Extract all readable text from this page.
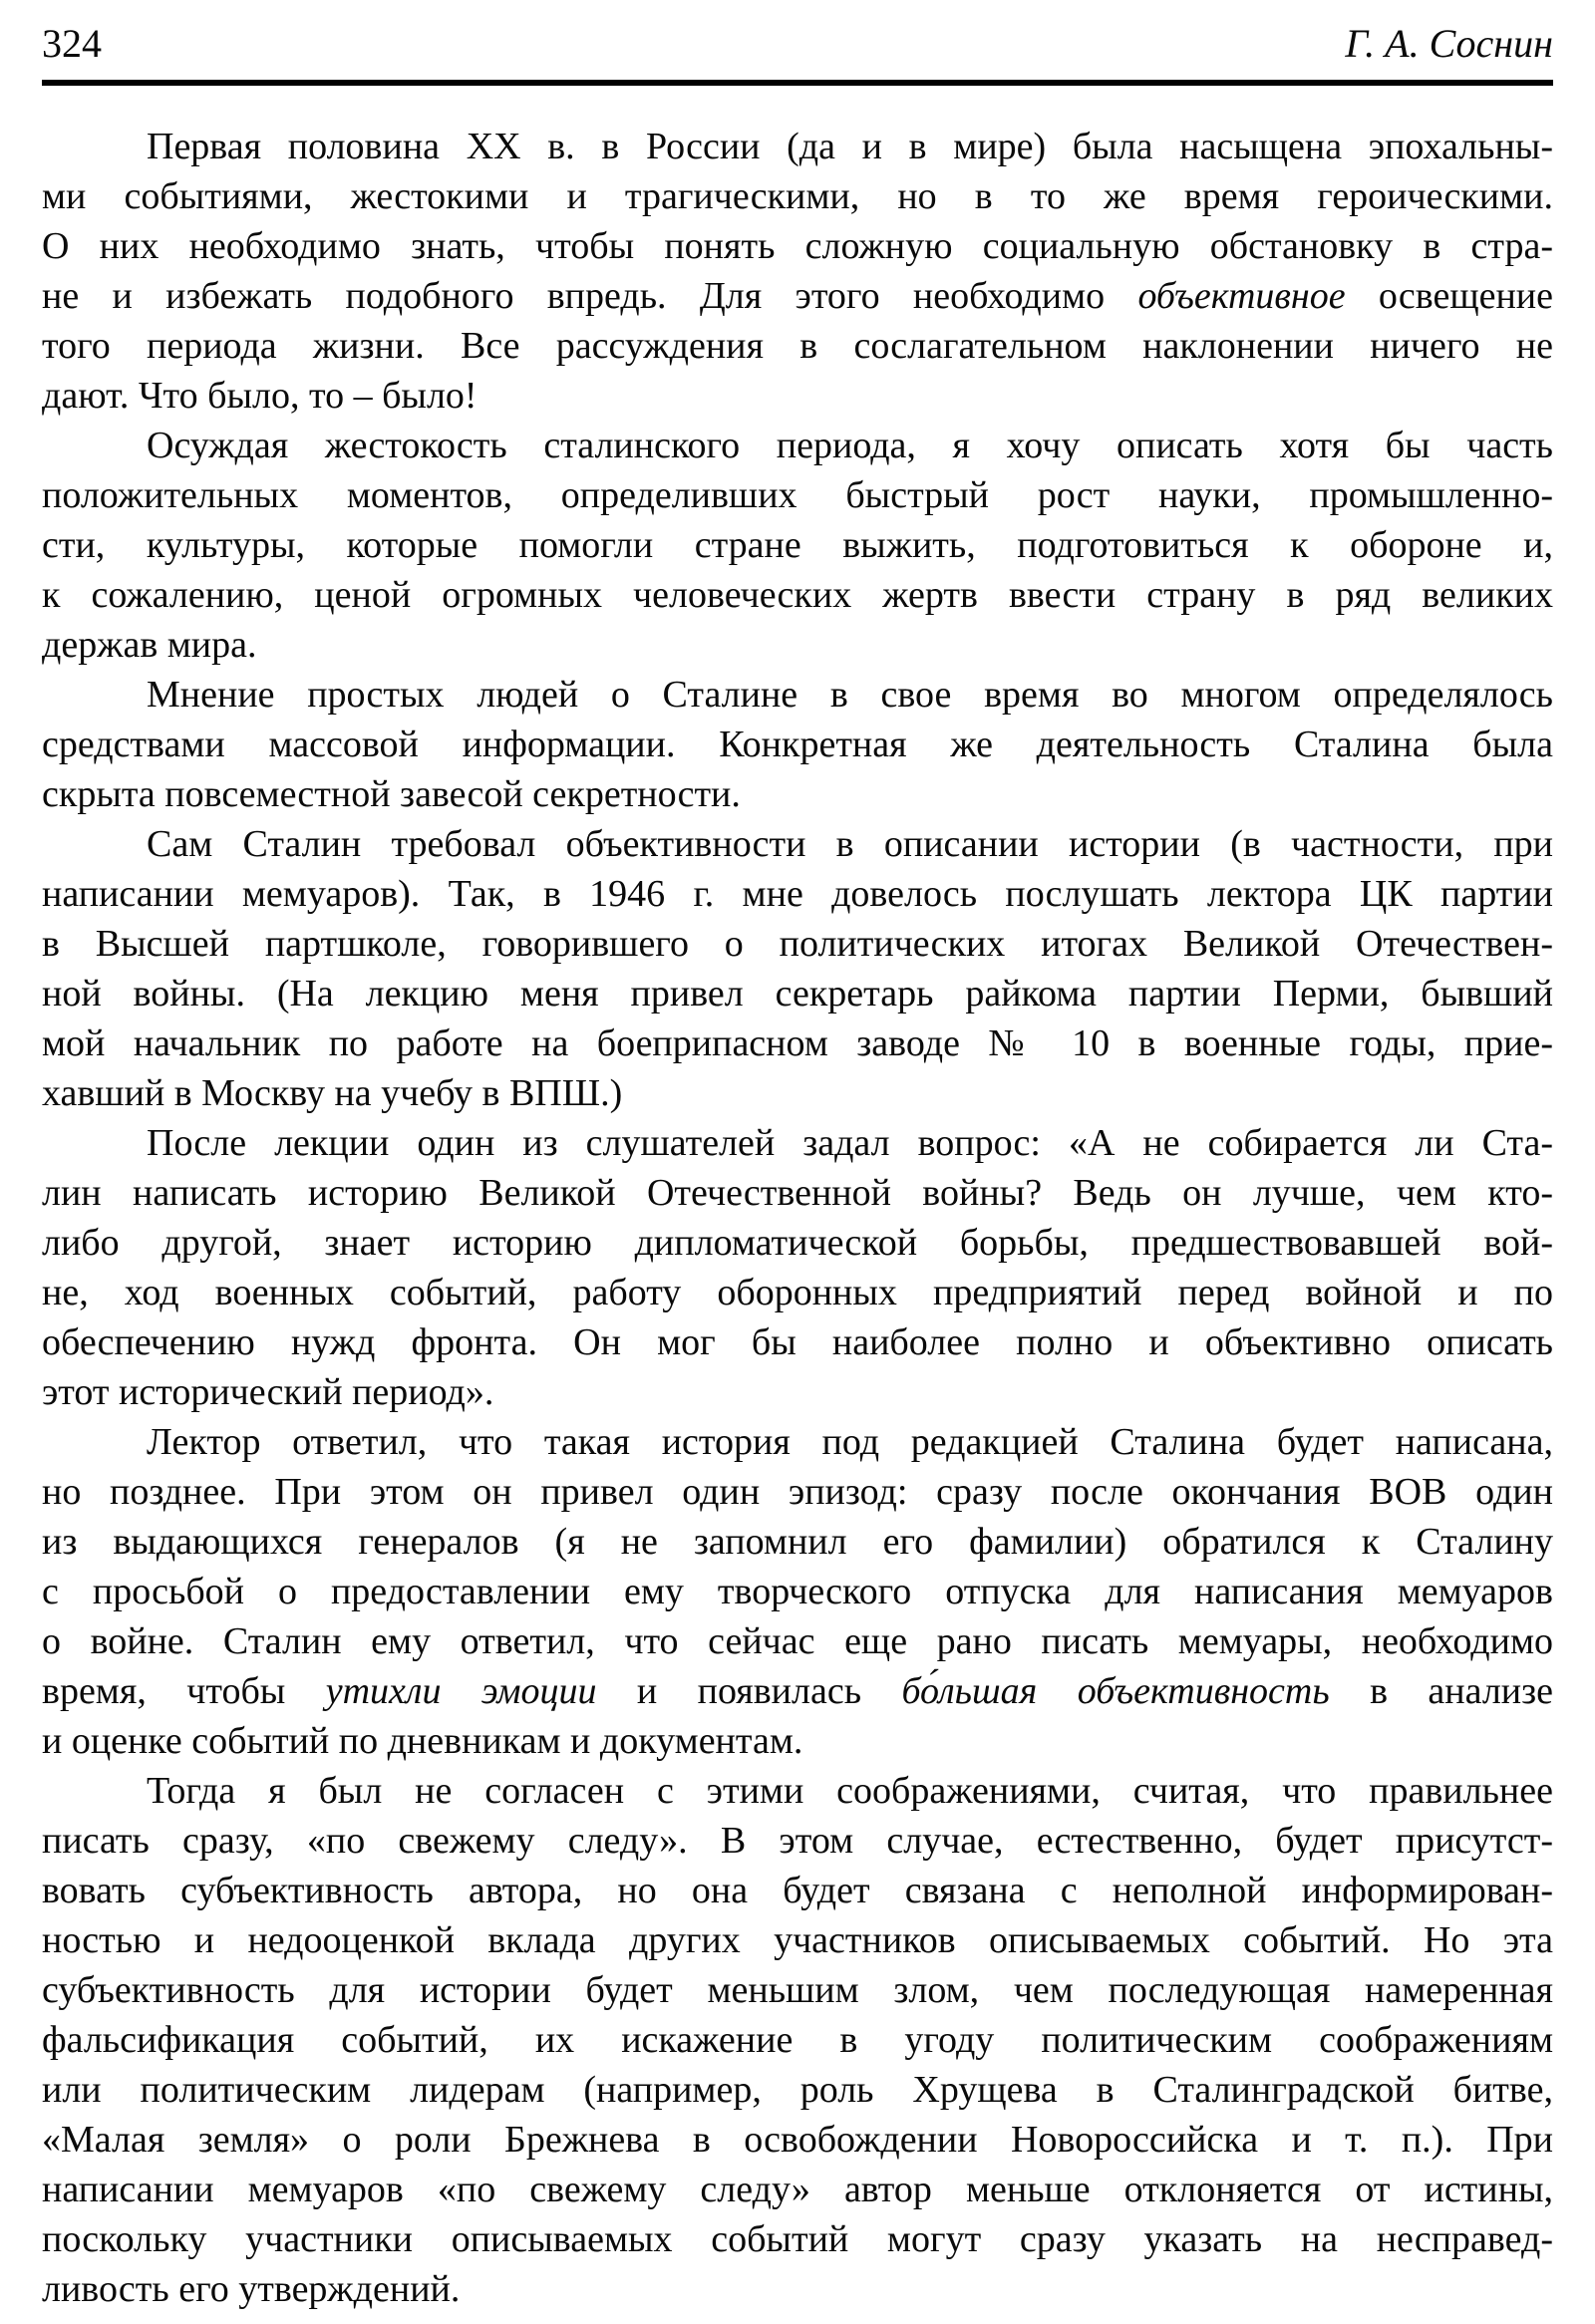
324	Г. А. Соснин
Первая половина XX в. в России (да и в мире) была насыщена эпохальны-
ми событиями, жестокими и трагическими, но в то же время героическими.
О них необходимо знать, чтобы понять сложную социальную обстановку в стра-
не и избежать подобного впредь. Для этого необходимо объективное освещение
того периода жизни. Все рассуждения в сослагательном наклонении ничего не
дают. Что было, то – было!
Осуждая жестокость сталинского периода, я хочу описать хотя бы часть
положительных моментов, определивших быстрый рост науки, промышленно-
сти, культуры, которые помогли стране выжить, подготовиться к обороне и,
к сожалению, ценой огромных человеческих жертв ввести страну в ряд великих
держав мира.
Мнение простых людей о Сталине в свое время во многом определялось
средствами массовой информации. Конкретная же деятельность Сталина была
скрыта повсеместной завесой секретности.
Сам Сталин требовал объективности в описании истории (в частности, при
написании мемуаров). Так, в 1946 г. мне довелось послушать лектора ЦК партии
в Высшей партшколе, говорившего о политических итогах Великой Отечествен-
ной войны. (На лекцию меня привел секретарь райкома партии Перми, бывший
мой начальник по работе на боеприпасном заводе № 10 в военные годы, прие-
хавший в Москву на учебу в ВПШ.)
После лекции один из слушателей задал вопрос: «А не собирается ли Ста-
лин написать историю Великой Отечественной войны? Ведь он лучше, чем кто-
либо другой, знает историю дипломатической борьбы, предшествовавшей вой-
не, ход военных событий, работу оборонных предприятий перед войной и по
обеспечению нужд фронта. Он мог бы наиболее полно и объективно описать
этот исторический период».
Лектор ответил, что такая история под редакцией Сталина будет написана,
но позднее. При этом он привел один эпизод: сразу после окончания ВОВ один
из выдающихся генералов (я не запомнил его фамилии) обратился к Сталину
с просьбой о предоставлении ему творческого отпуска для написания мемуаров
о войне. Сталин ему ответил, что сейчас еще рано писать мемуары, необходимо
время, чтобы утихли эмоции и появилась бо́льшая объективность в анализе
и оценке событий по дневникам и документам.
Тогда я был не согласен с этими соображениями, считая, что правильнее
писать сразу, «по свежему следу». В этом случае, естественно, будет присутст-
вовать субъективность автора, но она будет связана с неполной информирован-
ностью и недооценкой вклада других участников описываемых событий. Но эта
субъективность для истории будет меньшим злом, чем последующая намеренная
фальсификация событий, их искажение в угоду политическим соображениям
или политическим лидерам (например, роль Хрущева в Сталинградской битве,
«Малая земля» о роли Брежнева в освобождении Новороссийска и т. п.). При
написании мемуаров «по свежему следу» автор меньше отклоняется от истины,
поскольку участники описываемых событий могут сразу указать на несправед-
ливость его утверждений.
